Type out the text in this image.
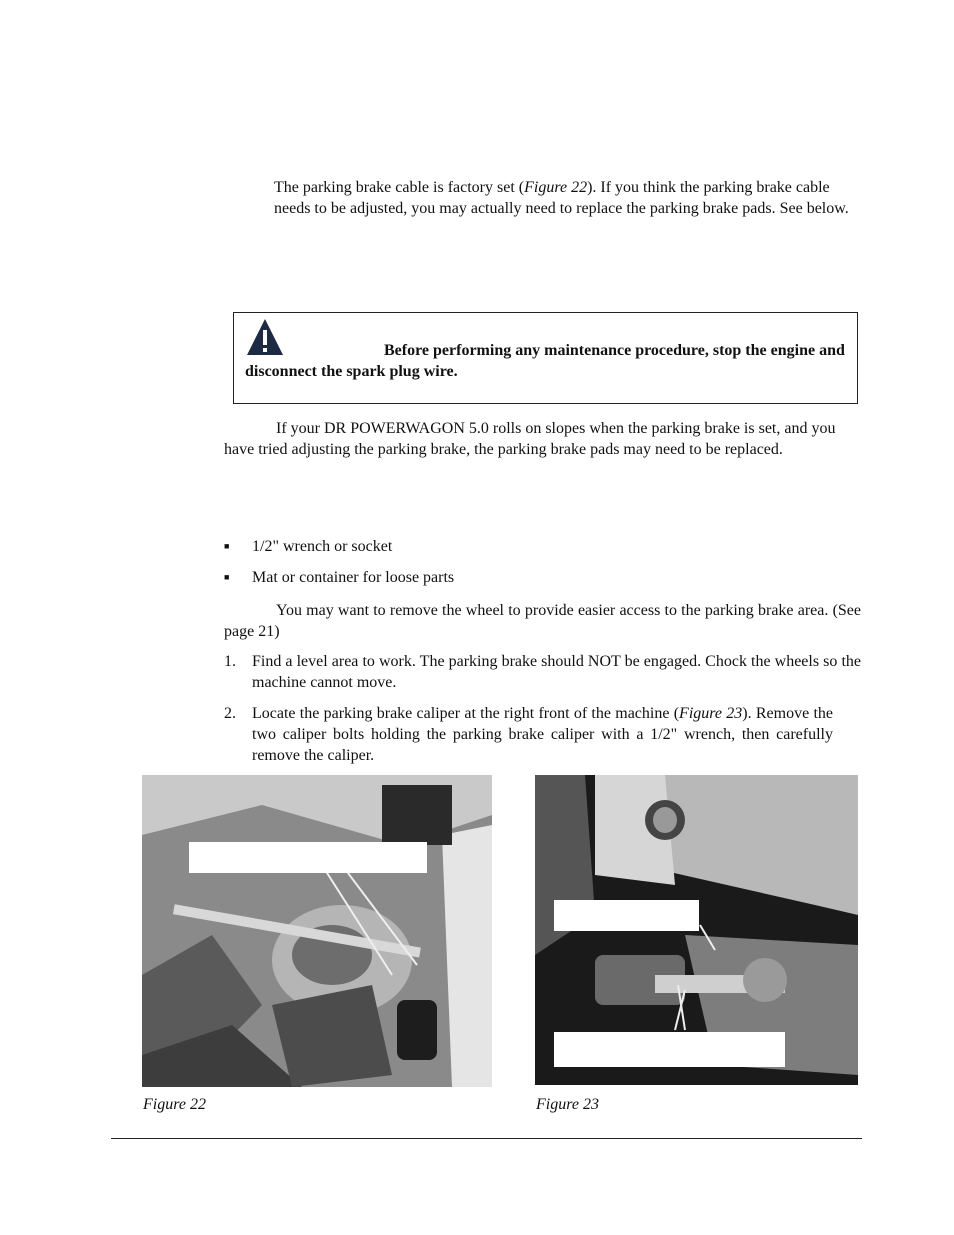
The parking brake cable is factory set (Figure 22). If you think the parking brake cable needs to be adjusted, you may actually need to replace the parking brake pads. See below.
Before performing any maintenance procedure, stop the engine and disconnect the spark plug wire.
If your DR POWERWAGON 5.0 rolls on slopes when the parking brake is set, and you have tried adjusting the parking brake, the parking brake pads may need to be replaced.
■ 1/2" wrench or socket
■ Mat or container for loose parts
You may want to remove the wheel to provide easier access to the parking brake area. (See page 21)
1. Find a level area to work. The parking brake should NOT be engaged. Chock the wheels so the machine cannot move.
2. Locate the parking brake caliper at the right front of the machine (Figure 23). Remove the two caliper bolts holding the parking brake caliper with a 1/2" wrench, then carefully remove the caliper.
Figure 22	Figure 23
